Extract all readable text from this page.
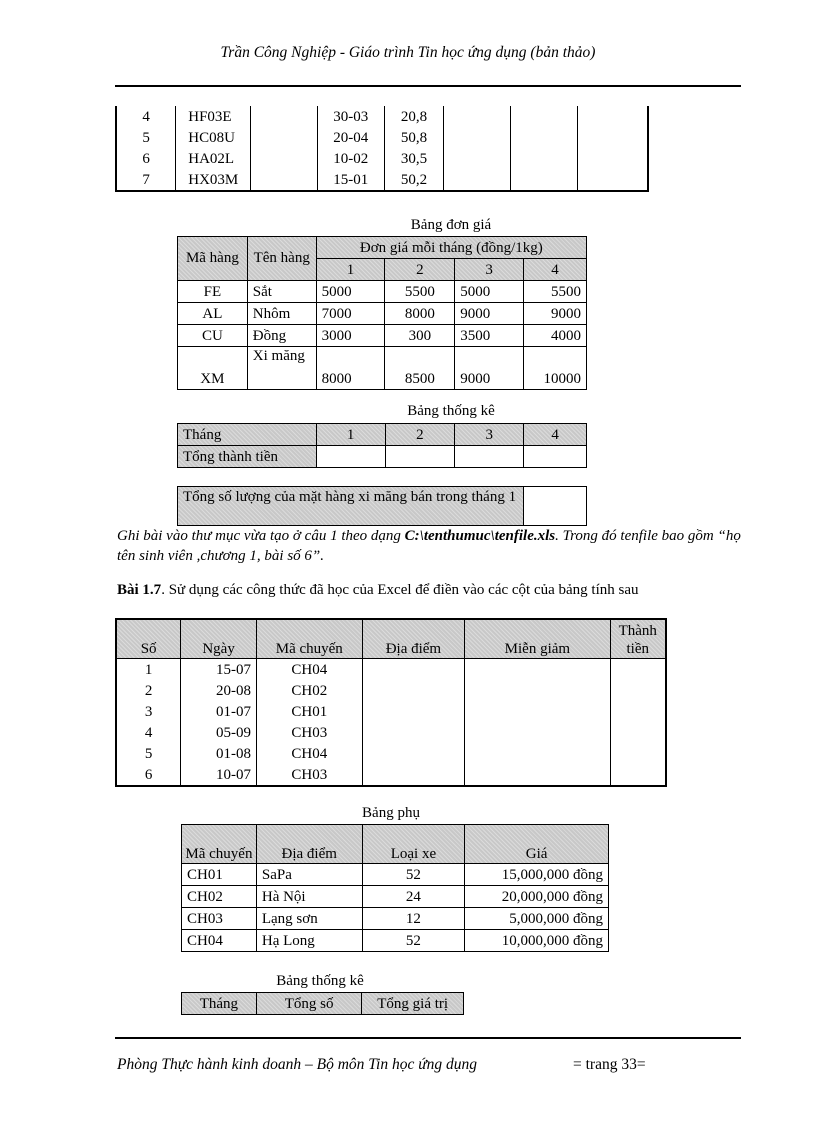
Trần Công Nghiệp - Giáo trình Tin học ứng dụng (bản thảo)
4	HF03E		30-03	20,8			
5	HC08U		20-04	50,8			
6	HA02L		10-02	30,5			
7	HX03M		15-01	50,2			
Bảng đơn giá
Mã hàng	Tên hàng	Đơn giá mỗi tháng (đồng/1kg)			
		1	2	3	4
FE	Sắt	5000	5500	5000	5500
AL	Nhôm	7000	8000	9000	9000
CU	Đồng	3000	300	3500	4000
XM	Xi măng	8000	8500	9000	10000
Bảng thống kê
Tháng	1	2	3	4
Tổng thành tiền				
Tổng số lượng của mặt hàng xi măng bán trong tháng 1	
Ghi bài vào thư mục vừa tạo ở câu 1 theo dạng C:\tenthumuc\tenfile.xls. Trong đó tenfile bao gồm “họ tên sinh viên ,chương 1, bài số 6”.
Bài 1.7. Sử dụng các công thức đã học của Excel để điền vào các cột của bảng tính sau
Số	Ngày	Mã chuyến	Địa điểm	Miễn giảm	Thành tiền
1	15-07	CH04			
2	20-08	CH02			
3	01-07	CH01			
4	05-09	CH03			
5	01-08	CH04			
6	10-07	CH03			
Bảng phụ
Mã chuyến	Địa điểm	Loại xe	Giá
CH01	SaPa	52	15,000,000 đồng
CH02	Hà Nội	24	20,000,000 đồng
CH03	Lạng sơn	12	5,000,000 đồng
CH04	Hạ Long	52	10,000,000 đồng
Bảng thống kê
Tháng	Tổng số	Tổng giá trị
Phòng Thực hành kinh doanh – Bộ môn Tin học ứng dụng	= trang 33=
